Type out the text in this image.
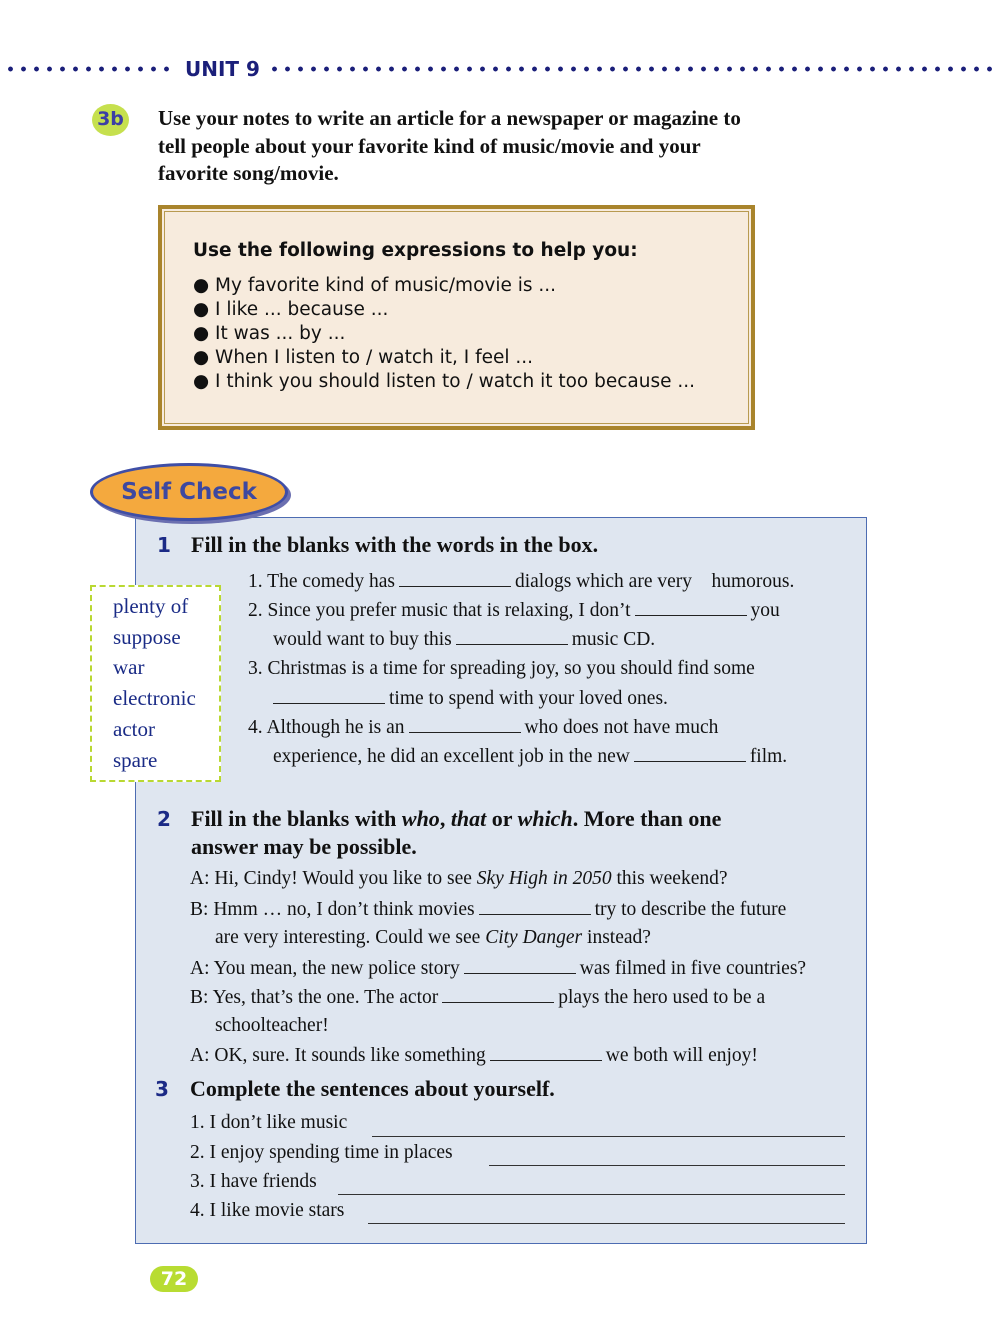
UNIT 9
3b Use your notes to write an article for a newspaper or magazine to
tell people about your favorite kind of music/movie and your
favorite song/movie.
Use the following expressions to help you:
● My favorite kind of music/movie is ...
● I like ... because ...
● It was ... by ...
● When I listen to / watch it, I feel ...
● I think you should listen to / watch it too because ...
Self Check
1 Fill in the blanks with the words in the box.
plenty of
suppose
war
electronic
actor
spare
1. The comedy has	dialogs which are very humorous.
2. Since you prefer music that is relaxing, I don’t	you
would want to buy this	music CD.
3. Christmas is a time for spreading joy, so you should find some
time to spend with your loved ones.
4. Although he is an	who does not have much
experience, he did an excellent job in the new	film.
2 Fill in the blanks with who, that or which. More than one
answer may be possible.
A: Hi, Cindy! Would you like to see Sky High in 2050 this weekend?
B: Hmm … no, I don’t think movies	try to describe the future
are very interesting. Could we see City Danger instead?
A: You mean, the new police story	was filmed in five countries?
B: Yes, that’s the one. The actor	plays the hero used to be a
schoolteacher!
A: OK, sure. It sounds like something	we both will enjoy!
3 Complete the sentences about yourself.
1. I don’t like music
2. I enjoy spending time in places
3. I have friends
4. I like movie stars
72
